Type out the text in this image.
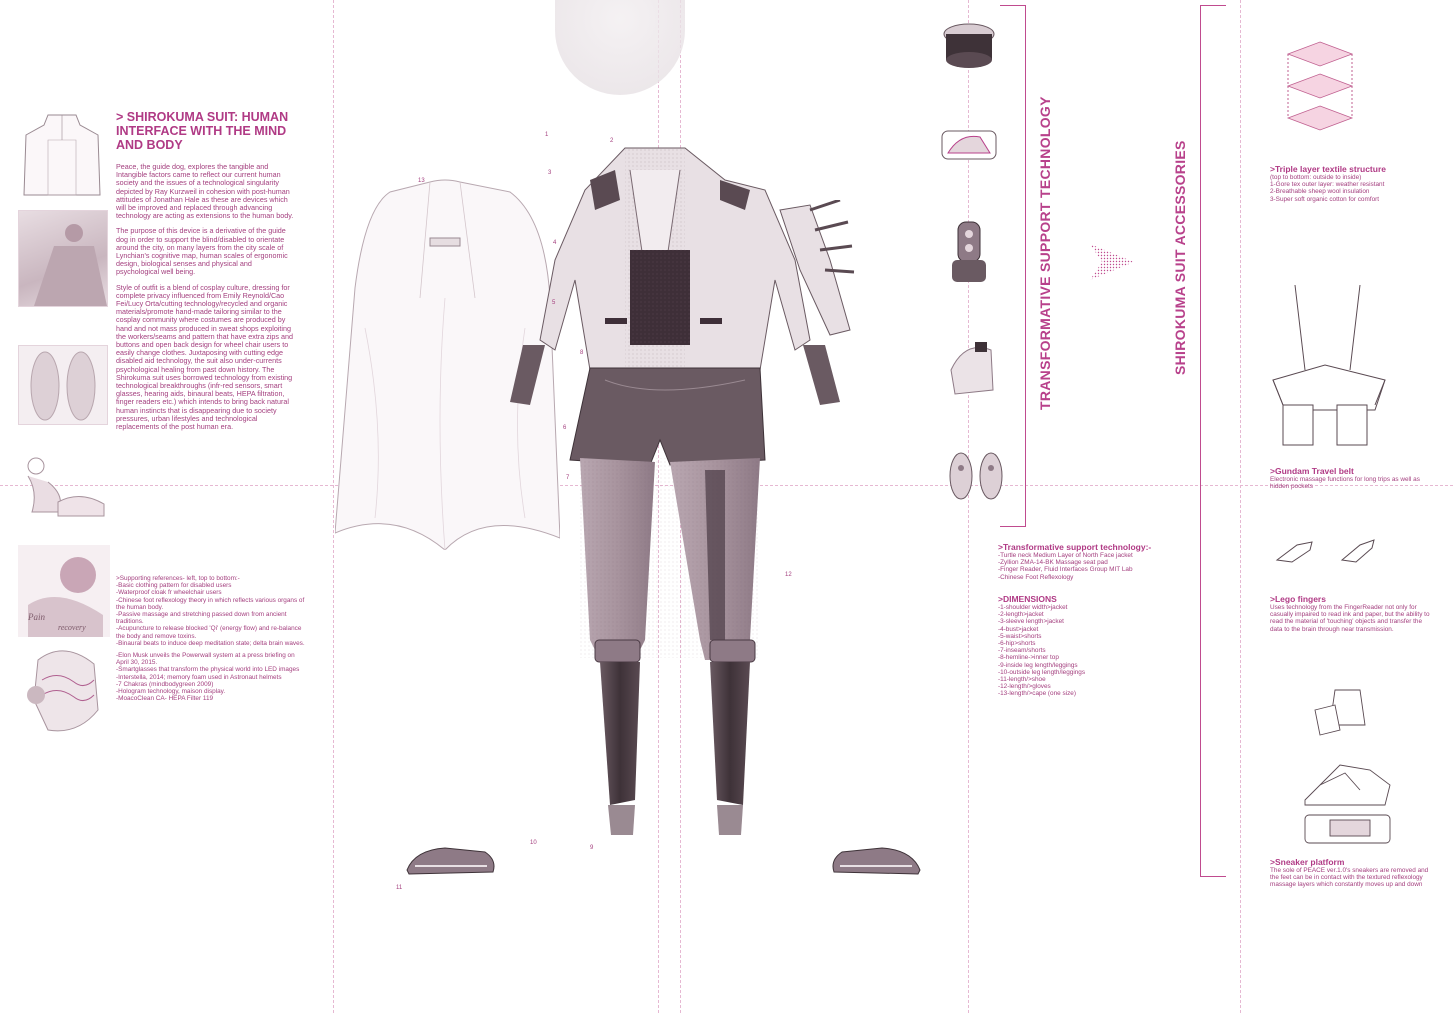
Pain
recovery
> SHIROKUMA SUIT: HUMAN INTERFACE WITH THE MIND AND BODY

Peace, the guide dog, explores the tangible and Intangible factors came to reflect our current human society and the issues of a technological singularity depicted by Ray Kurzweil in cohesion with post-human attitudes of Jonathan Hale as these are devices which will be improved and replaced through advancing technology are acting as extensions to the human body.

The purpose of this device is a derivative of the guide dog in order to support the blind/disabled to orientate around the city, on many layers from the city scale of Lynchian's cognitive map, human scales of ergonomic design, biological senses and physical and psychological well being.

Style of outfit is a blend of cosplay culture, dressing for complete privacy influenced from Emily Reynold/Cao Fei/Lucy Orta/cutting technology/recycled and organic materials/promote hand-made tailoring similar to the cosplay community where costumes are produced by hand and not mass produced in sweat shops exploiting the workers/seams and pattern that have extra zips and buttons and open back design for wheel chair users to easily change clothes. Juxtaposing with cutting edge disabled aid technology, the suit also under-currents psychological healing from past down history. The Shirokuma suit uses borrowed technology from existing technological breakthroughs (infr-red sensors, smart glasses, hearing aids, binaural beats, HEPA filtration, finger readers etc.) which intends to bring back natural human instincts that is disappearing due to society pressures, urban lifestyles and technological replacements of the post human era.

>Supporting references- left, top to bottom:-
-Basic clothing pattern for disabled users
-Waterproof cloak fr wheelchair users
-Chinese foot reflexology theory in which reflects various organs of the human body.
-Passive massage and stretching passed down from ancient traditions.
-Acupuncture to release blocked 'Qi' (energy flow) and re-balance the body and remove toxins.
-Binaural beats to induce deep meditation state; delta brain waves.
-Elon Musk unveils the Powerwall system at a press briefing on April 30, 2015.
-Smartglasses that transform the physical world into LED images
-Interstella, 2014; memory foam used in Astronaut helmets
-7 Chakras (mindbodygreen 2009)
-Hologram technology, maison display.
-MoacoClean CA- HEPA Filter 119
1
2
3
4
5
6
7
8
9
10
11
12
13	TRANSFORMATIVE SUPPORT TECHNOLOGY
>Transformative support technology:-
-Turtle neck Medium Layer of North Face jacket
-Zyllion ZMA-14-BK Massage seat pad
-Finger Reader, Fluid Interfaces Group MIT Lab
-Chinese Foot Reflexology
>DIMENSIONS
-1-shoulder width>jacket
-2-length>jacket
-3-sleeve length>jacket
-4-bust>jacket
-5-waist>shorts
-6-hip>shorts
-7-inseam/shorts
-8-hemline->inner top
-9-inside leg length/leggings
-10-outside leg length/leggings
-11-length/>shoe
-12-length/>gloves
-13-length/>cape (one size)
SHIROKUMA SUIT ACCESSORIES	>Triple layer textile structure
(top to bottom: outside to inside)
1-Gore tex outer layer: weather resistant
2-Breathable sheep wool insulation
3-Super soft organic cotton for comfort
>Gundam Travel belt
Electronic massage functions for long trips as well as
hidden pockets
>Lego fingers
Uses technology from the FingerReader not only for
casually impaired to read ink and paper, but the ability to
read the material of 'touching' objects and transfer the
data to the brain through near transmission.
>Sneaker platform
The sole of PEACE ver.1.0's sneakers are removed and
the feet can be in contact with the textured reflexology
massage layers which constantly moves up and down
